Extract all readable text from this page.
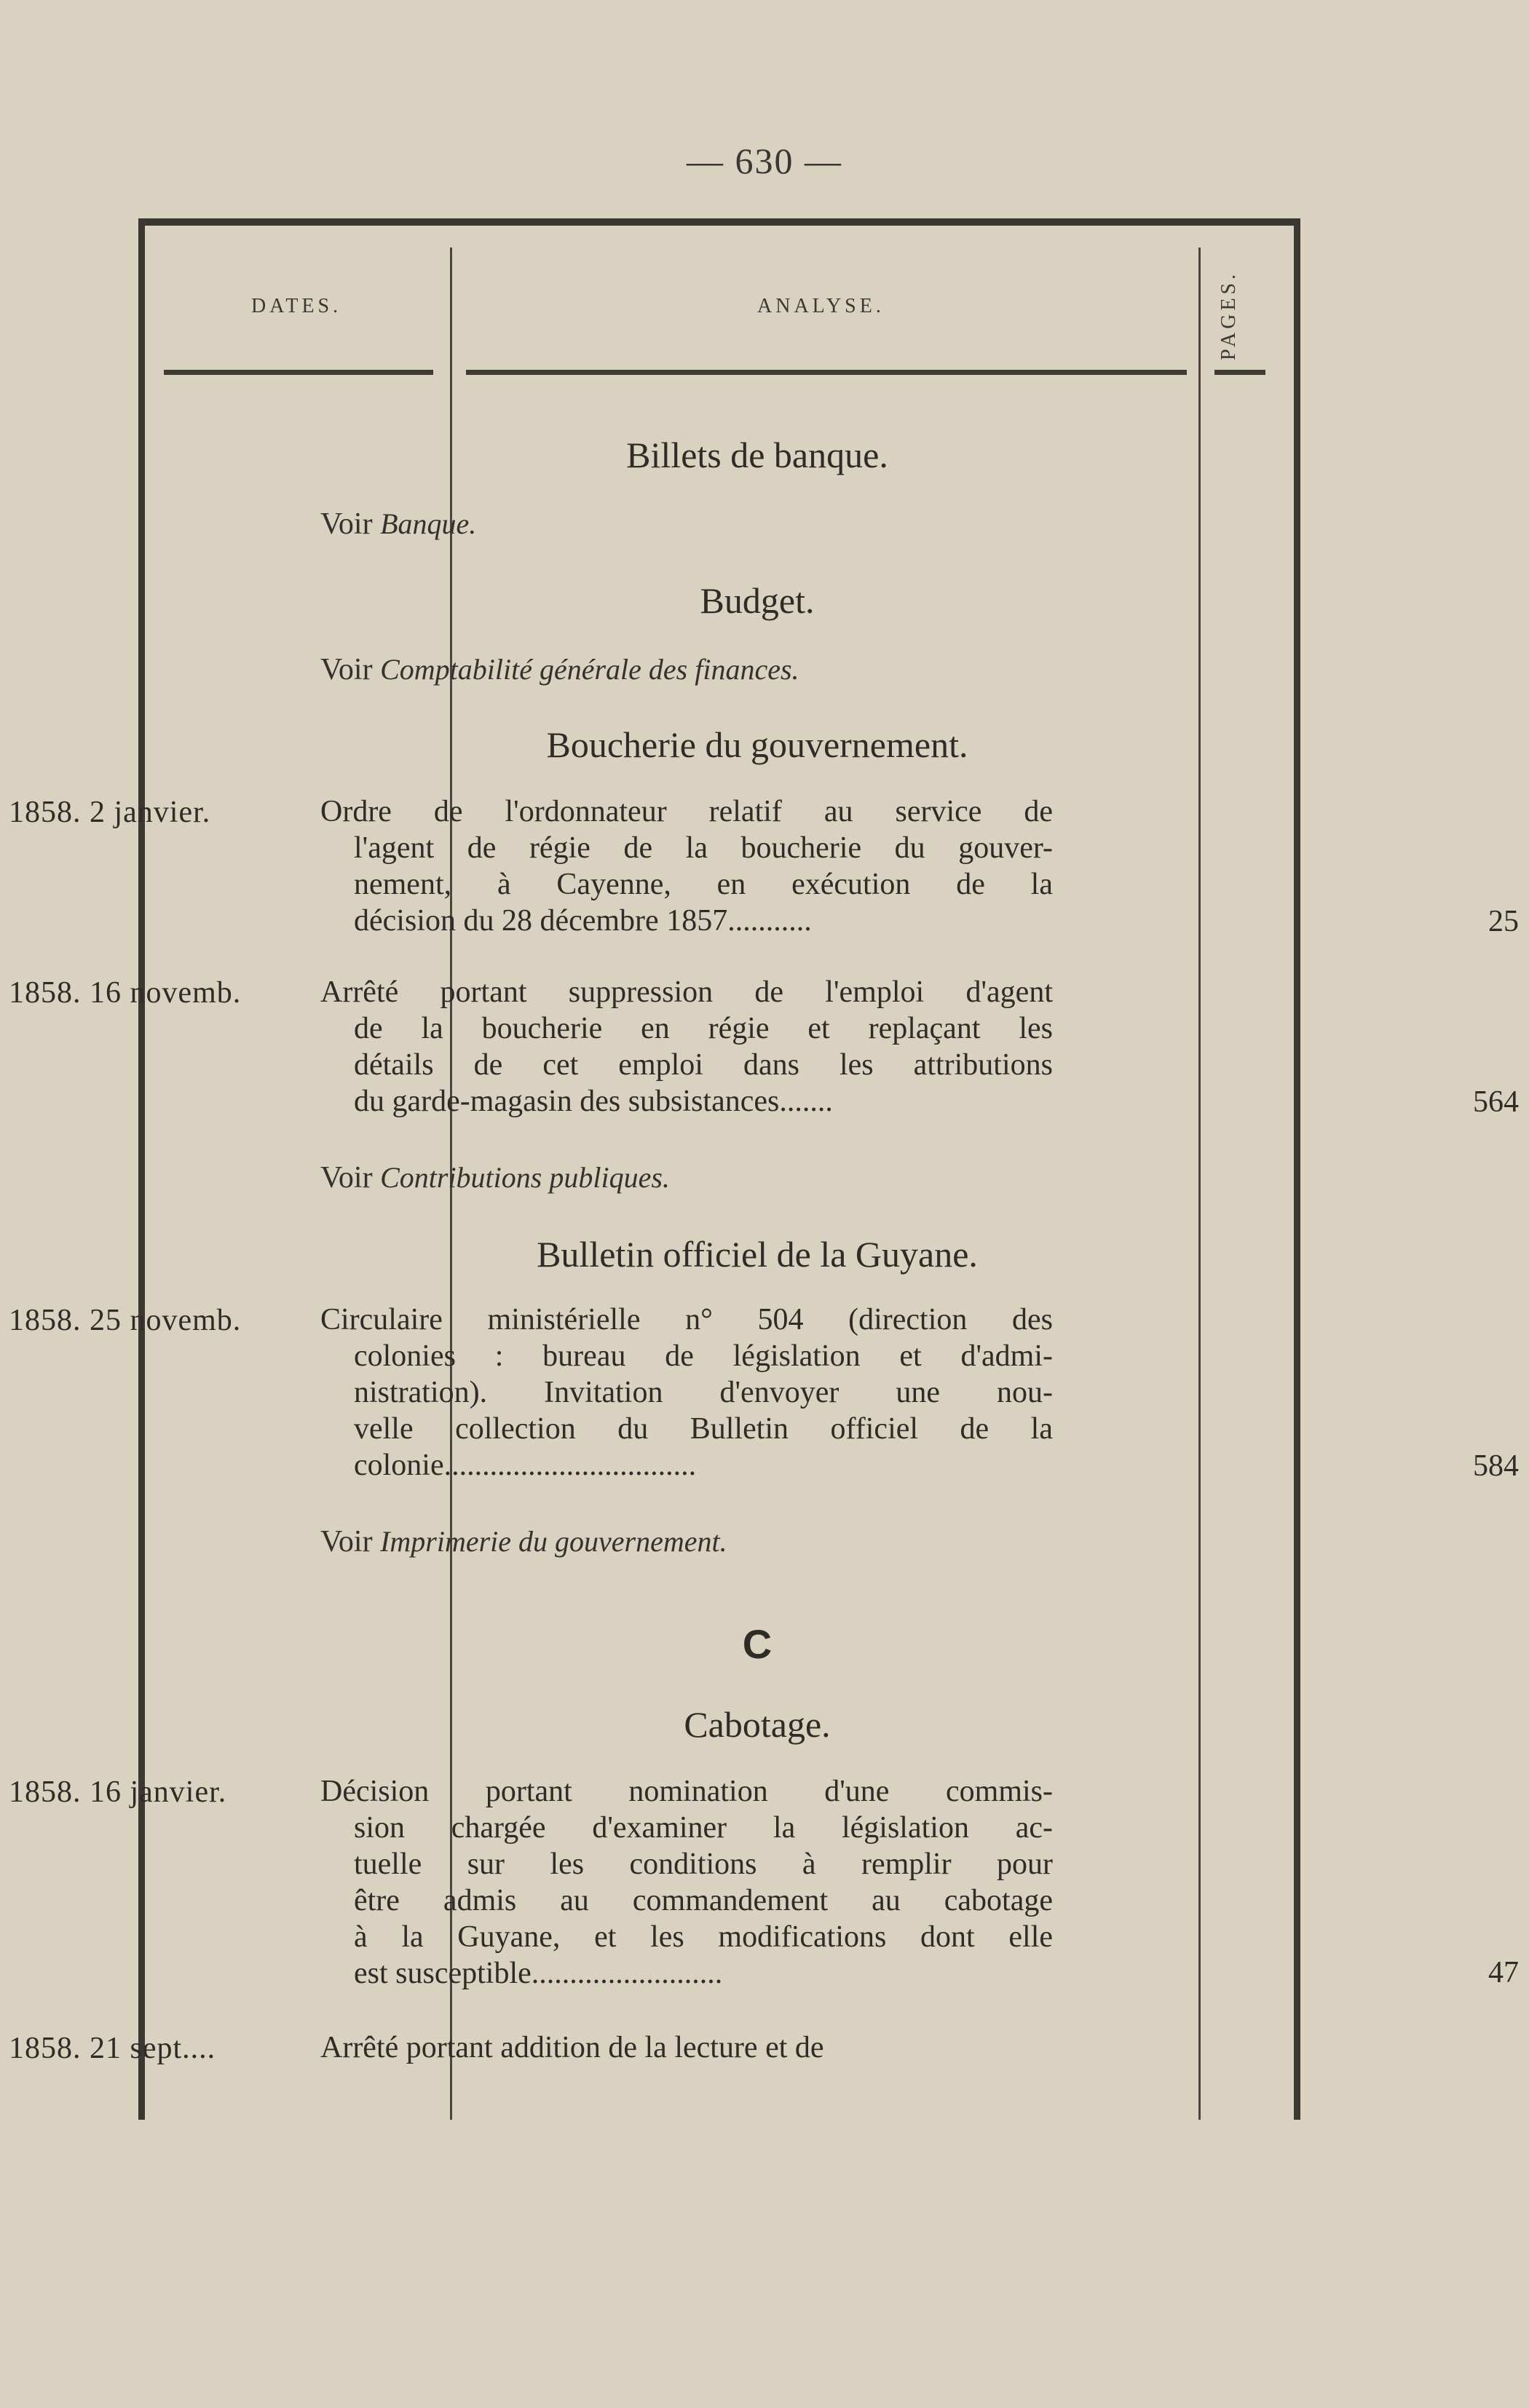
— 630 —
DATES.	ANALYSE.	PAGES.
Billets de banque.
Voir Banque.
Budget.
Voir Comptabilité générale des finances.
Boucherie du gouvernement.
1858. 2 janvier.	Ordre de l'ordonnateur relatif au service de
l'agent de régie de la boucherie du gouver-
nement, à Cayenne, en exécution de la
décision du 28 décembre 1857...........	25
1858. 16 novemb.	Arrêté portant suppression de l'emploi d'agent
de la boucherie en régie et replaçant les
détails de cet emploi dans les attributions
du garde-magasin des subsistances.......	564
Voir Contributions publiques.
Bulletin officiel de la Guyane.
1858. 25 novemb.	Circulaire ministérielle n° 504 (direction des
colonies : bureau de législation et d'admi-
nistration). Invitation d'envoyer une nou-
velle collection du Bulletin officiel de la
colonie.................................	584
Voir Imprimerie du gouvernement.
C
Cabotage.
1858. 16 janvier.	Décision portant nomination d'une commis-
sion chargée d'examiner la législation ac-
tuelle sur les conditions à remplir pour
être admis au commandement au cabotage
à la Guyane, et les modifications dont elle
est susceptible.........................	47
1858. 21 sept....	Arrêté portant addition de la lecture et de
